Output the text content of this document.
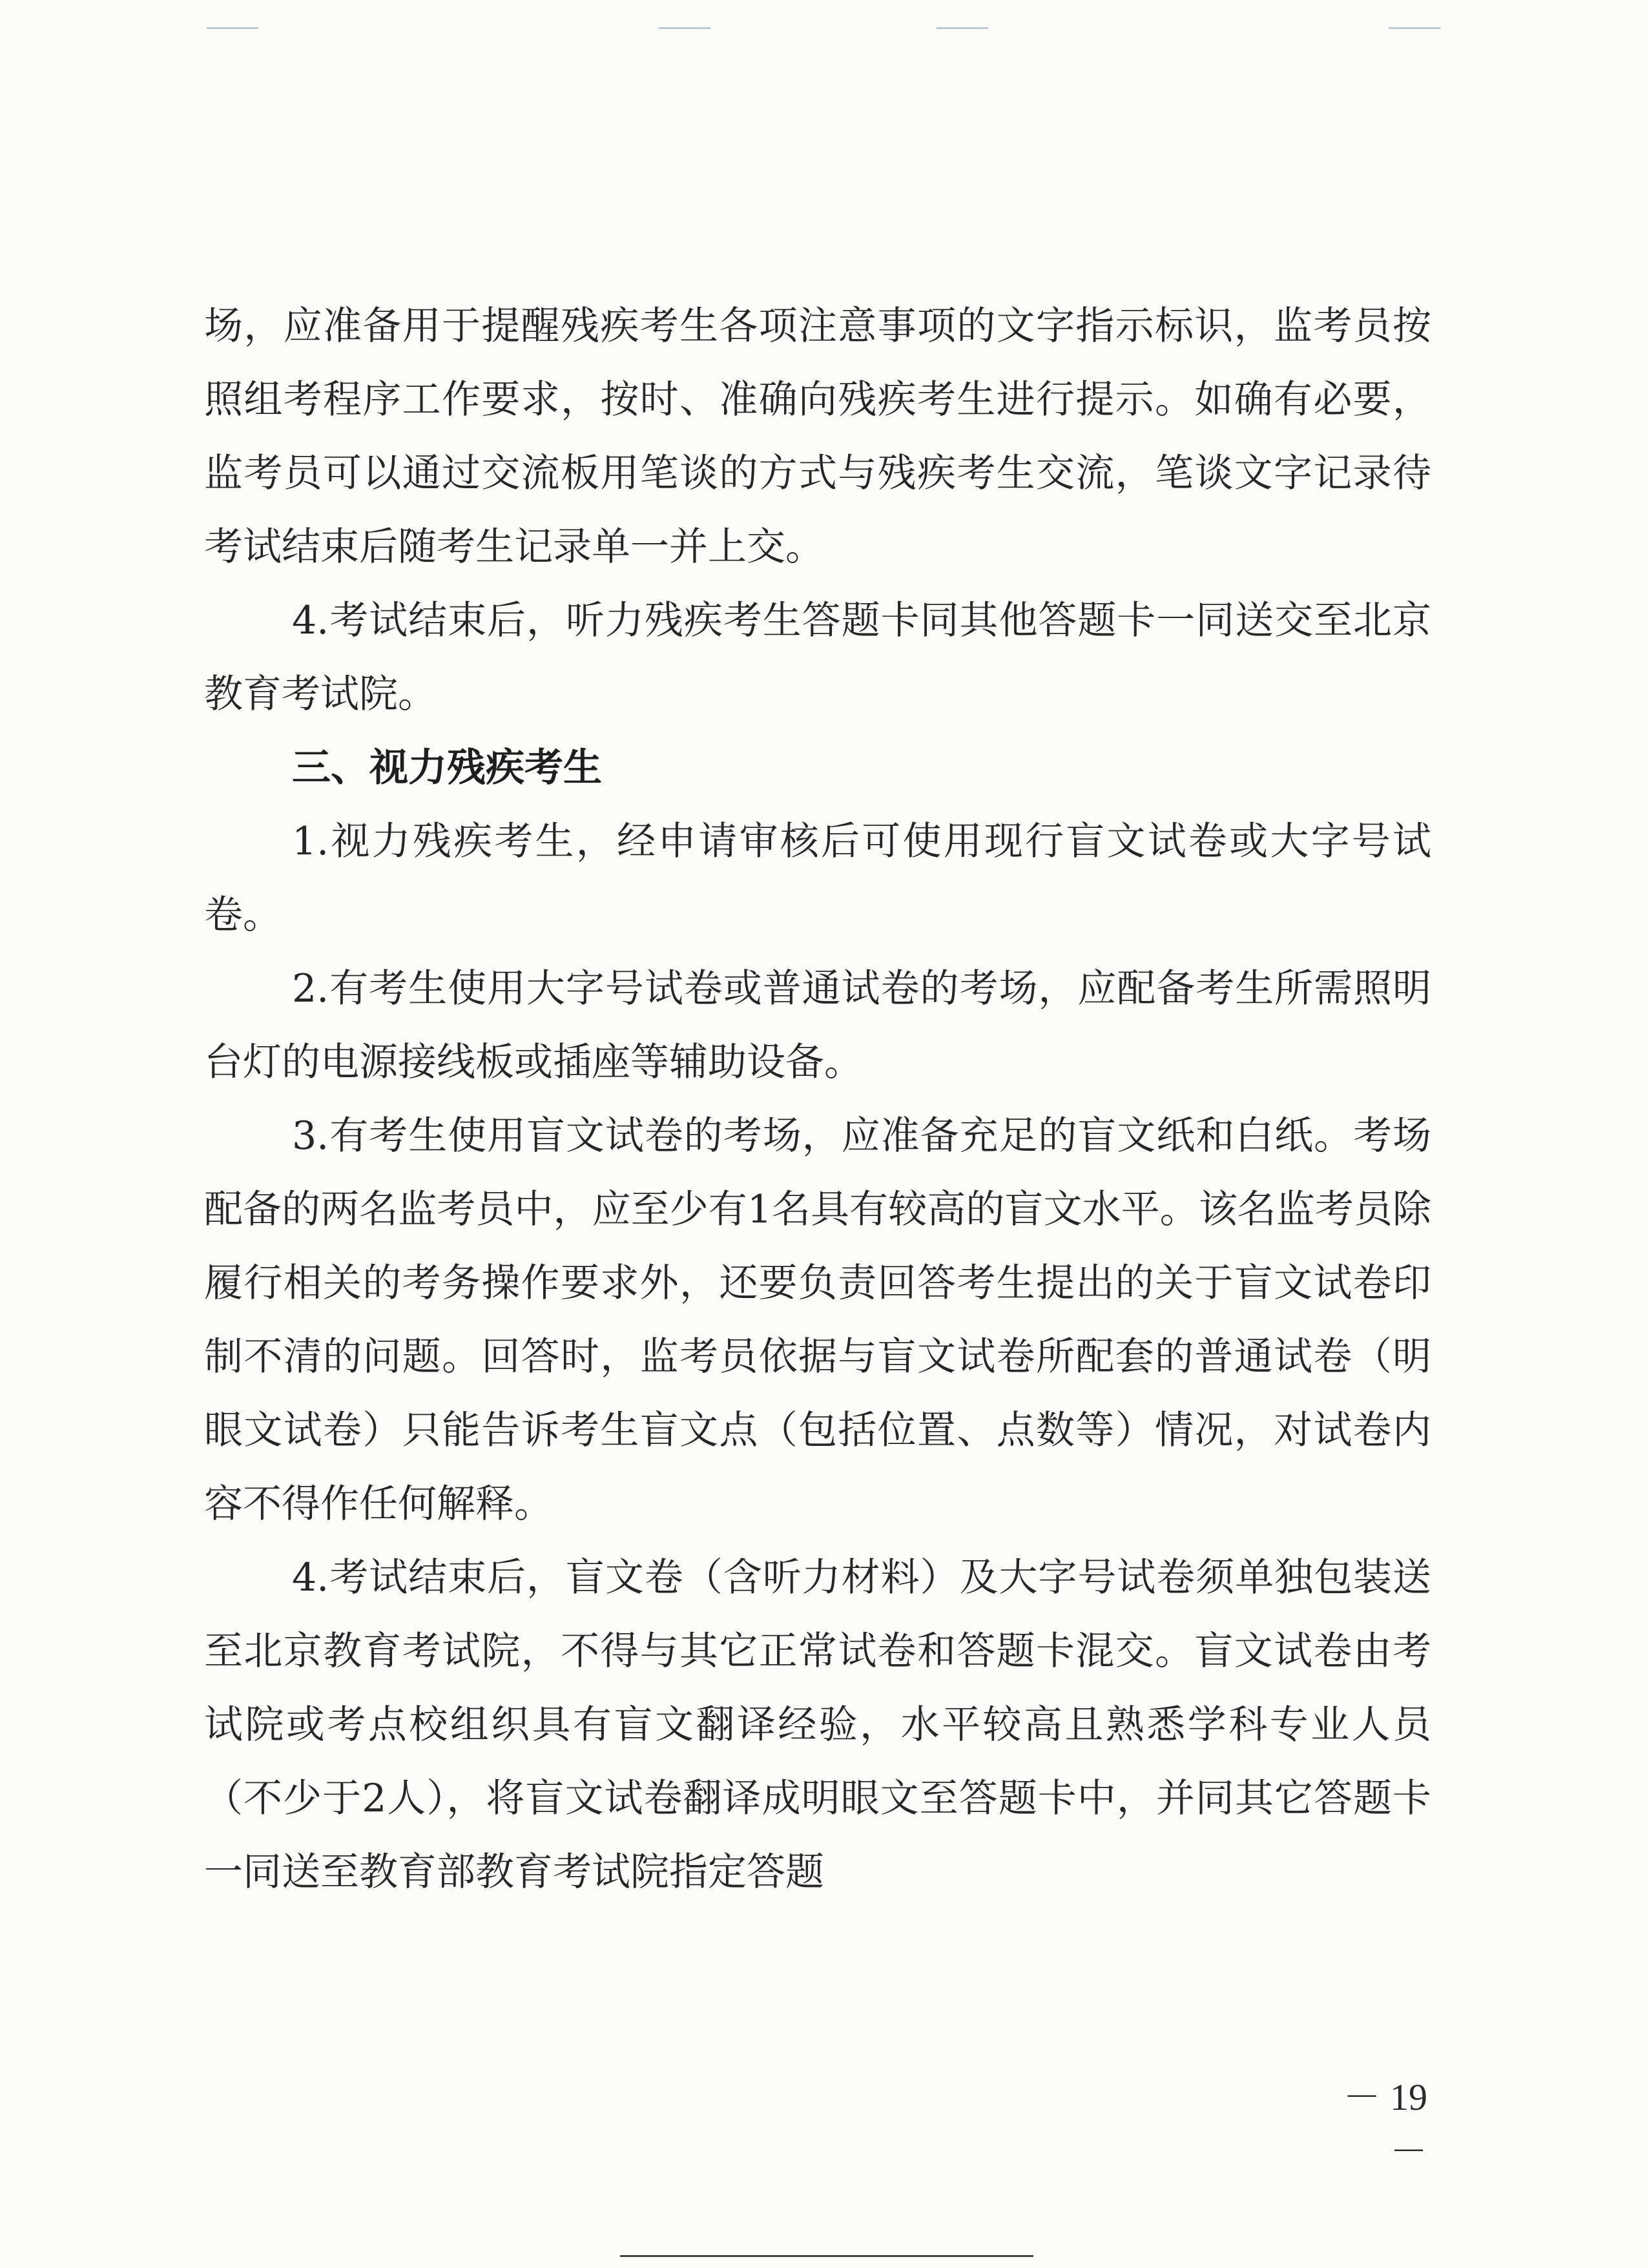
场，应准备用于提醒残疾考生各项注意事项的文字指示标识，监考员按照组考程序工作要求，按时、准确向残疾考生进行提示。如确有必要，监考员可以通过交流板用笔谈的方式与残疾考生交流，笔谈文字记录待考试结束后随考生记录单一并上交。

4.考试结束后，听力残疾考生答题卡同其他答题卡一同送交至北京教育考试院。

三、视力残疾考生

1.视力残疾考生，经申请审核后可使用现行盲文试卷或大字号试卷。

2.有考生使用大字号试卷或普通试卷的考场，应配备考生所需照明台灯的电源接线板或插座等辅助设备。

3.有考生使用盲文试卷的考场，应准备充足的盲文纸和白纸。考场配备的两名监考员中，应至少有1名具有较高的盲文水平。该名监考员除履行相关的考务操作要求外，还要负责回答考生提出的关于盲文试卷印制不清的问题。回答时，监考员依据与盲文试卷所配套的普通试卷（明眼文试卷）只能告诉考生盲文点（包括位置、点数等）情况，对试卷内容不得作任何解释。

4.考试结束后，盲文卷（含听力材料）及大字号试卷须单独包装送至北京教育考试院，不得与其它正常试卷和答题卡混交。盲文试卷由考试院或考点校组织具有盲文翻译经验，水平较高且熟悉学科专业人员（不少于2人），将盲文试卷翻译成明眼文至答题卡中，并同其它答题卡一同送至教育部教育考试院指定答题

－ 19 －
